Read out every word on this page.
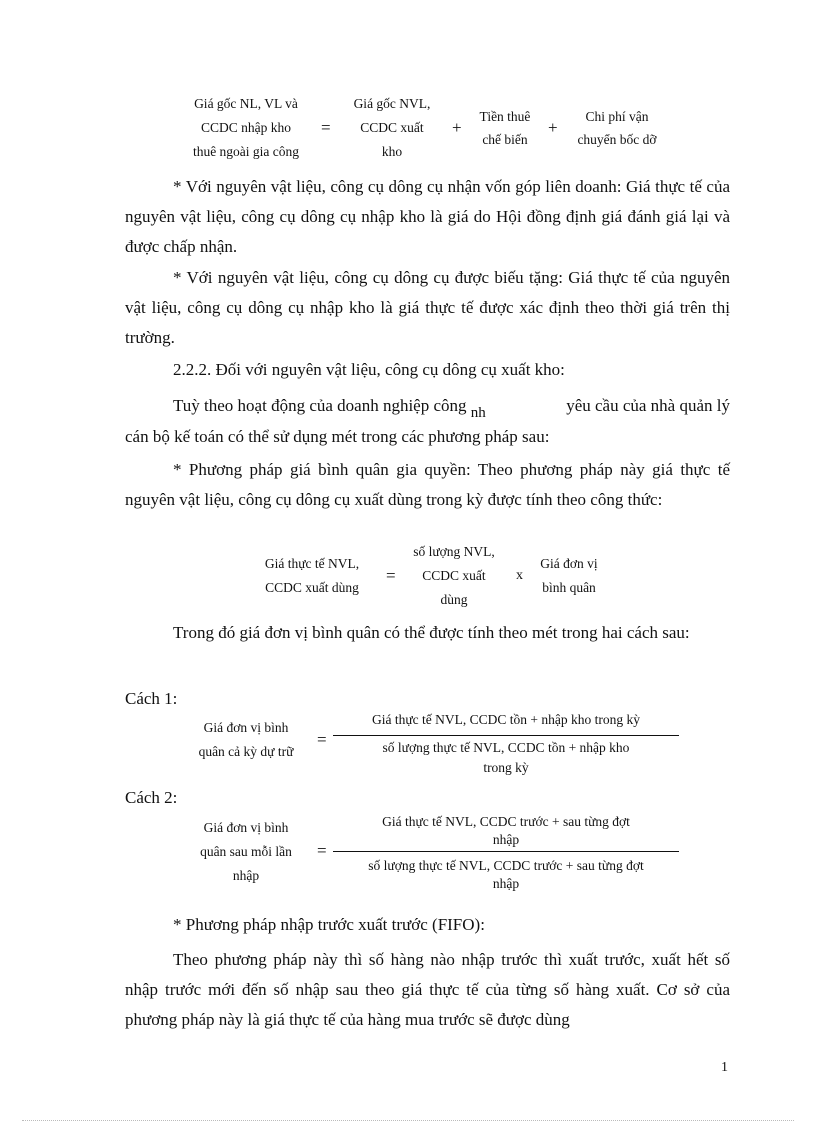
Giá gốc NL, VL và
CCDC nhập kho
thuê ngoài gia công
=
Giá gốc NVL,
CCDC xuất
kho
+
Tiền thuê
chế biến
+
Chi phí vận
chuyển bốc dỡ
* Với nguyên vật liệu, công cụ dông cụ nhận vốn góp liên doanh: Giá thực tế của nguyên vật liệu, công cụ dông cụ nhập kho là giá do Hội đồng định giá đánh giá lại và được chấp nhận.
* Với nguyên vật liệu, công cụ dông cụ được biếu tặng: Giá thực tế của nguyên vật liệu, công cụ dông cụ nhập kho là giá thực tế được xác định theo thời giá trên thị trường.
2.2.2. Đối với nguyên vật liệu, công cụ dông cụ xuất kho:
Tuỳ theo hoạt động của doanh nghiệp công nh	yêu cầu của nhà quản lý
cán bộ kế toán có thể sử dụng mét trong các phương pháp sau:
* Phương pháp giá bình quân gia quyền: Theo phương pháp này giá thực tế nguyên vật liệu, công cụ dông cụ xuất dùng trong kỳ được tính theo công thức:
Giá thực tế NVL,
CCDC xuất dùng
=
số lượng NVL,
CCDC xuất
dùng
x
Giá đơn vị
bình quân
Trong đó giá đơn vị bình quân có thể được tính theo mét trong hai cách sau:
Cách 1:
Giá đơn vị bình
quân cả kỳ dự trữ
=
Giá thực tế NVL, CCDC tồn + nhập kho trong kỳ
số lượng thực tế NVL, CCDC tồn + nhập kho
trong kỳ
Cách 2:
Giá đơn vị bình
quân sau mỗi lần
nhập
=
Giá thực tế NVL, CCDC trước + sau từng đợt
nhập
số lượng thực tế NVL, CCDC trước + sau từng đợt
nhập
* Phương pháp nhập trước xuất trước (FIFO):
Theo phương pháp này thì số hàng nào nhập trước thì xuất trước, xuất hết số nhập trước mới đến số nhập sau theo giá thực tế của từng số hàng xuất. Cơ sở của phương pháp này là giá thực tế của hàng mua trước sẽ được dùng
1
